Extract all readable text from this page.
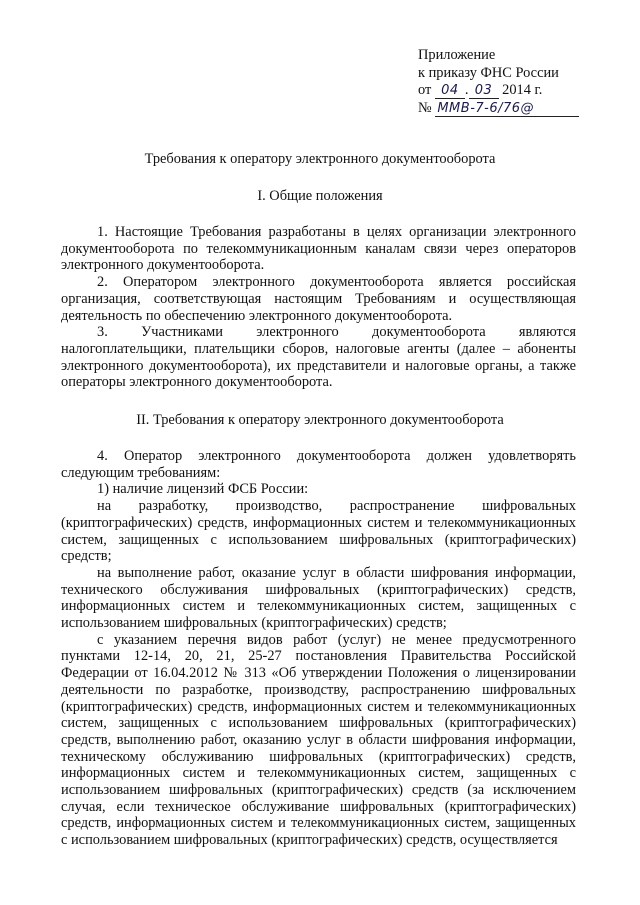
Приложение
к приказу ФНС России
от 04 . 03 2014 г.
№ ММВ-7-6/76@
Требования к оператору электронного документооборота
I. Общие положения

1. Настоящие Требования разработаны в целях организации электронного документооборота по телекоммуникационным каналам связи через операторов электронного документооборота.

2. Оператором электронного документооборота является российская организация, соответствующая настоящим Требованиям и осуществляющая деятельность по обеспечению электронного документооборота.

3. Участниками электронного документооборота являются налогоплательщики, плательщики сборов, налоговые агенты (далее – абоненты электронного документооборота), их представители и налоговые органы, а также операторы электронного документооборота.

II. Требования к оператору электронного документооборота

4. Оператор электронного документооборота должен удовлетворять следующим требованиям:

1) наличие лицензий ФСБ России:

на разработку, производство, распространение шифровальных (криптографических) средств, информационных систем и телекоммуникационных систем, защищенных с использованием шифровальных (криптографических) средств;

на выполнение работ, оказание услуг в области шифрования информации, технического обслуживания шифровальных (криптографических) средств, информационных систем и телекоммуникационных систем, защищенных с использованием шифровальных (криптографических) средств;

с указанием перечня видов работ (услуг) не менее предусмотренного пунктами 12-14, 20, 21, 25-27 постановления Правительства Российской Федерации от 16.04.2012 № 313 «Об утверждении Положения о лицензировании деятельности по разработке, производству, распространению шифровальных (криптографических) средств, информационных систем и телекоммуникационных систем, защищенных с использованием шифровальных (криптографических) средств, выполнению работ, оказанию услуг в области шифрования информации, техническому обслуживанию шифровальных (криптографических) средств, информационных систем и телекоммуникационных систем, защищенных с использованием шифровальных (криптографических) средств (за исключением случая, если техническое обслуживание шифровальных (криптографических) средств, информационных систем и телекоммуникационных систем, защищенных с использованием шифровальных (криптографических) средств, осуществляется
